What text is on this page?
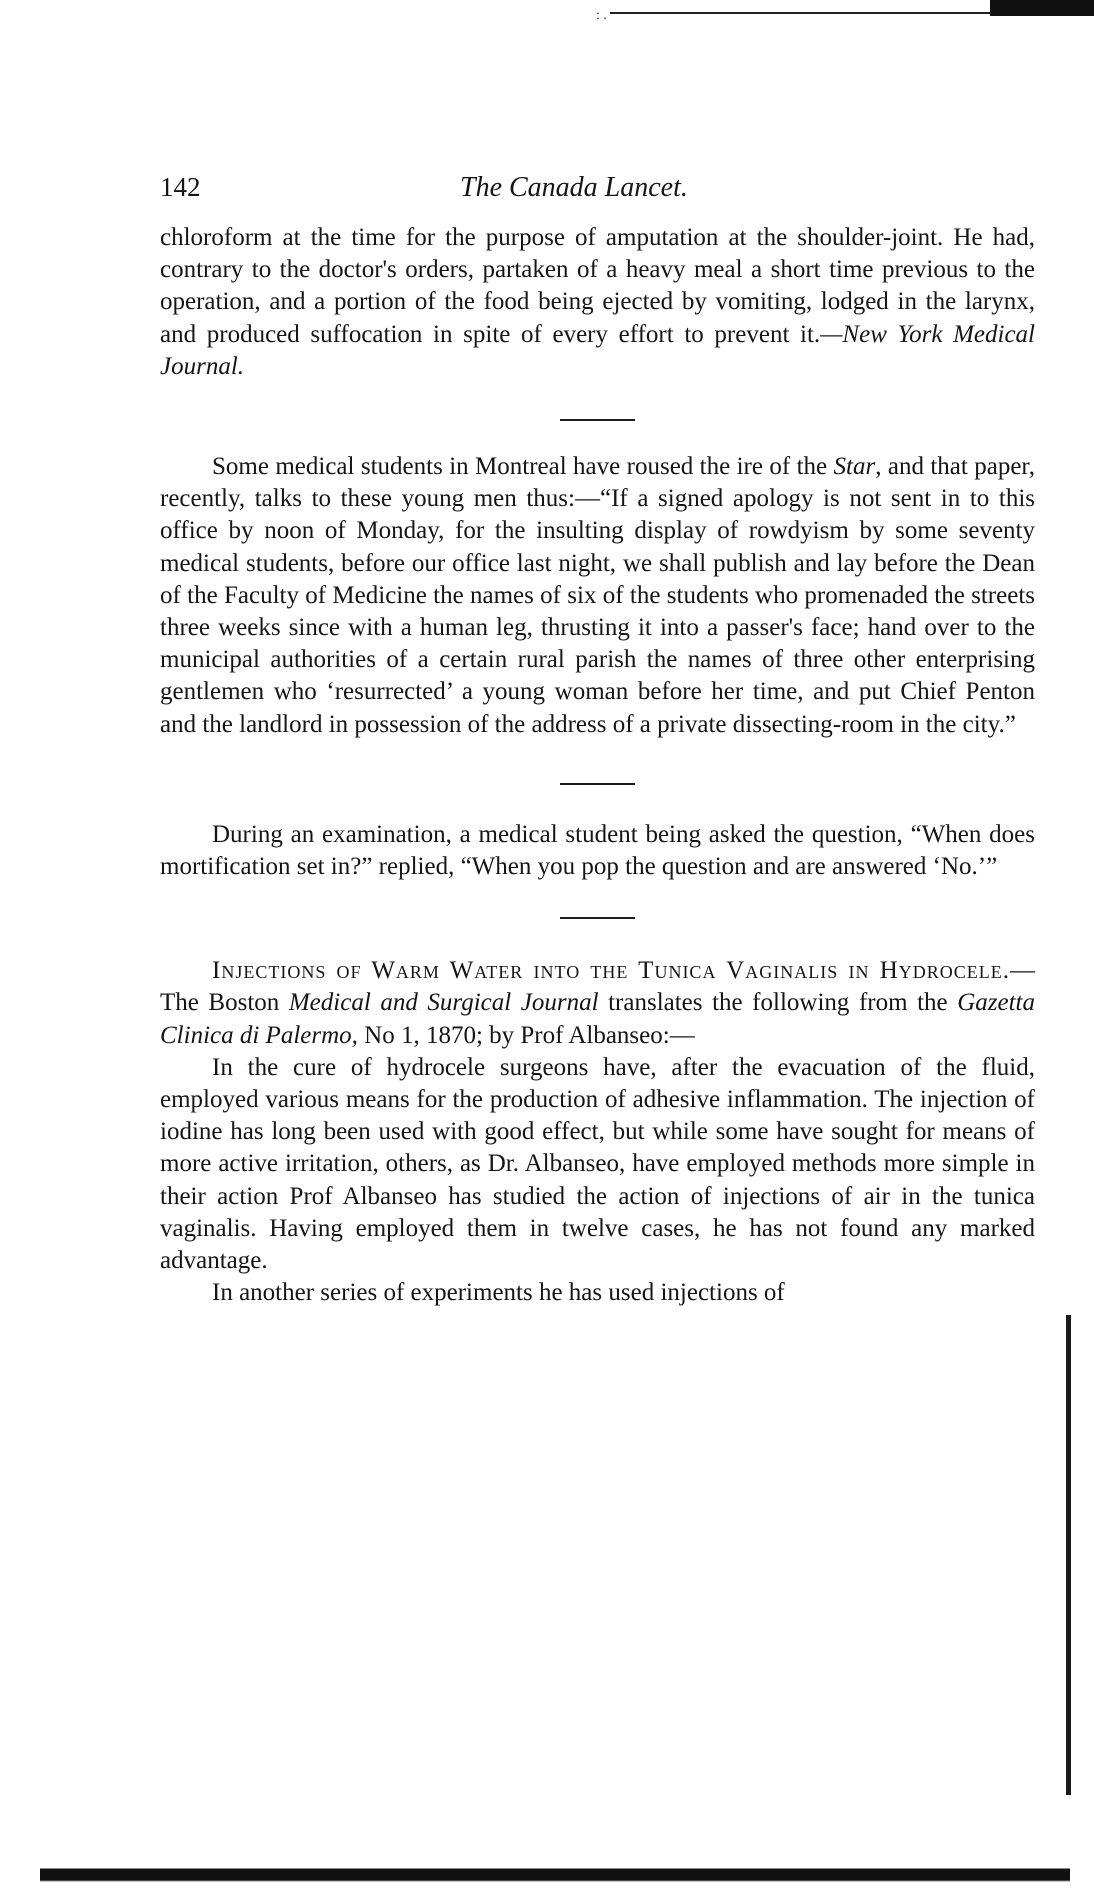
: .
142	The Canada Lancet.

chloroform at the time for the purpose of amputation at the shoulder-joint. He had, contrary to the doctor's orders, partaken of a heavy meal a short time previous to the operation, and a portion of the food being ejected by vomiting, lodged in the larynx, and produced suffocation in spite of every effort to prevent it.—New York Medical Journal.

Some medical students in Montreal have roused the ire of the Star, and that paper, recently, talks to these young men thus:—“If a signed apology is not sent in to this office by noon of Monday, for the insulting display of rowdyism by some seventy medical students, before our office last night, we shall publish and lay before the Dean of the Faculty of Medicine the names of six of the students who promenaded the streets three weeks since with a human leg, thrusting it into a passer's face; hand over to the municipal authorities of a certain rural parish the names of three other enterprising gentlemen who ‘resurrected’ a young woman before her time, and put Chief Penton and the landlord in possession of the address of a private dissecting-room in the city.”

During an examination, a medical student being asked the question, “When does mortification set in?” replied, “When you pop the question and are answered ‘No.’”

Injections of Warm Water into the Tunica Vaginalis in Hydrocele.—The Boston Medical and Surgical Journal translates the following from the Gazetta Clinica di Palermo, No 1, 1870; by Prof Albanseo:—

In the cure of hydrocele surgeons have, after the evacuation of the fluid, employed various means for the production of adhesive inflammation. The injection of iodine has long been used with good effect, but while some have sought for means of more active irritation, others, as Dr. Albanseo, have employed methods more simple in their action Prof Albanseo has studied the action of injections of air in the tunica vaginalis. Having employed them in twelve cases, he has not found any marked advantage.

In another series of experiments he has used injections of
